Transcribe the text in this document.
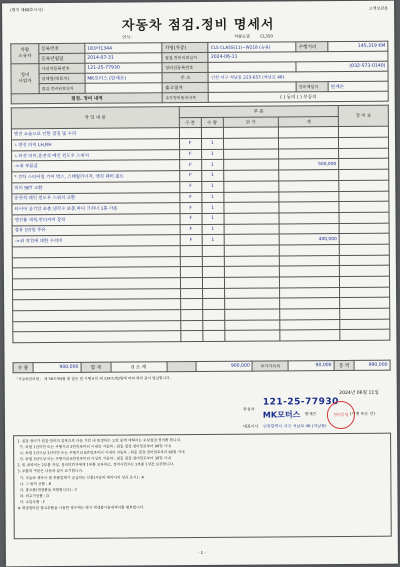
(별지 제68호서식)	고객보관용
자동차 점검.정비 명세서
연식 :	차량모델	CL350
차량
소유자	등록번호	183바1344	차명(차종)	CLS CLASS(11)~W218 (승용)	주행거리	145,319 KM
	등록년월일	2014-07-31	점검.정비의뢰일자	2024-06-11		
정비
사업자	사업자등록번호	121-25-77930	정비업등록번호		(032-573-0140)	
	업체명(대표자)	MK모터스 (한재은)	주 소	인천 서구 석남동 223-657 (석남로 46)		
	점검.정비완료일자		출고일자		정비책임자	한재은
점검. 정비 내역			추가정비동의여부	( ) 동의 ( ) 부동의		
작 업 내 용	부 품				정 비 료
	구 분	수 량	단 가	계	
엔진 소음으로 인한 점검 및 수리					
ㄴ엔진 미미 LH,RH	F	1			
ㄴ미션 미미,운전석 메인 윈도우 스위치	F	1			
->위 부품값	F	1		500,000	
* 견차 스티어링 기어 박스, 스태빌라이저, 엔진 웨버 볼트	F	1			
미미 SET 교환	F	1			
운전석 메인 윈도우 스위치 교환	F	1			
타이어 공기압 보충,냉각수 보충,바디 크리너 1통 사용	F	1			
엔진룸 세척,언더커버 장착	F	1			
경유 1만원 주유	F	1			
->위 작업에 대한 수리비	F	1		400,000	

부 품	900,000	합 계	0 소 계		900,000	부가가치세	90,000	총 액	990,000
「자동차관리법」 제 58조제4항 및 같은 법 시행규칙 제 134조제2항에 따라 위와 같이 발급합니다.
2024년 06월 11일
작성자
121-25-77930
MK모터스 한재은	(서명 또는 인)
대표이사 인천광역시 서구 석남로 46 (석남동)
정비공업
1. 점검·정비가 점검·정비의 잘못으로 다음 기간 내 발생하는 고장 등에 대해서는 무상점검·정비를 합니다.
가. 차령 1년미만 또는 주행거리 2만킬로미터 이내의 자동차 : 최종 점검·정비일로부터 90일 이내
나. 차령 1년이상 3년미만 또는 주행거리 6만킬로미터 이내의 자동차 : 최종 점검·정비일로부터 60일 이내
다. 차령 3년이상 또는 주행거리 6만킬로미터 이상의 자동차 : 최종 점검·정비일로부터 30일 이내
2. 위 내역서는 2부를 작성, 정비의뢰자에게 1부를 교부하고, 정비사업자는 1부를 1년간 보관합니다.
3. 부품의 구분은 다음과 같이 표기합니다.
가. 자동차 제작사 및 부품업체가 공급하는 신품(자동차 제작사의 상표 표시) : A
나. 그 밖의 신품 : B
다. 중고품(재생품을 포함합니다) : C
라. 외주가공품 : D
마. 수입부품 : F
※ 재생정비된 중고부품을 사용한 경우에는 별지 재생품사용내역서를 첨부합니다.
- 1 -
